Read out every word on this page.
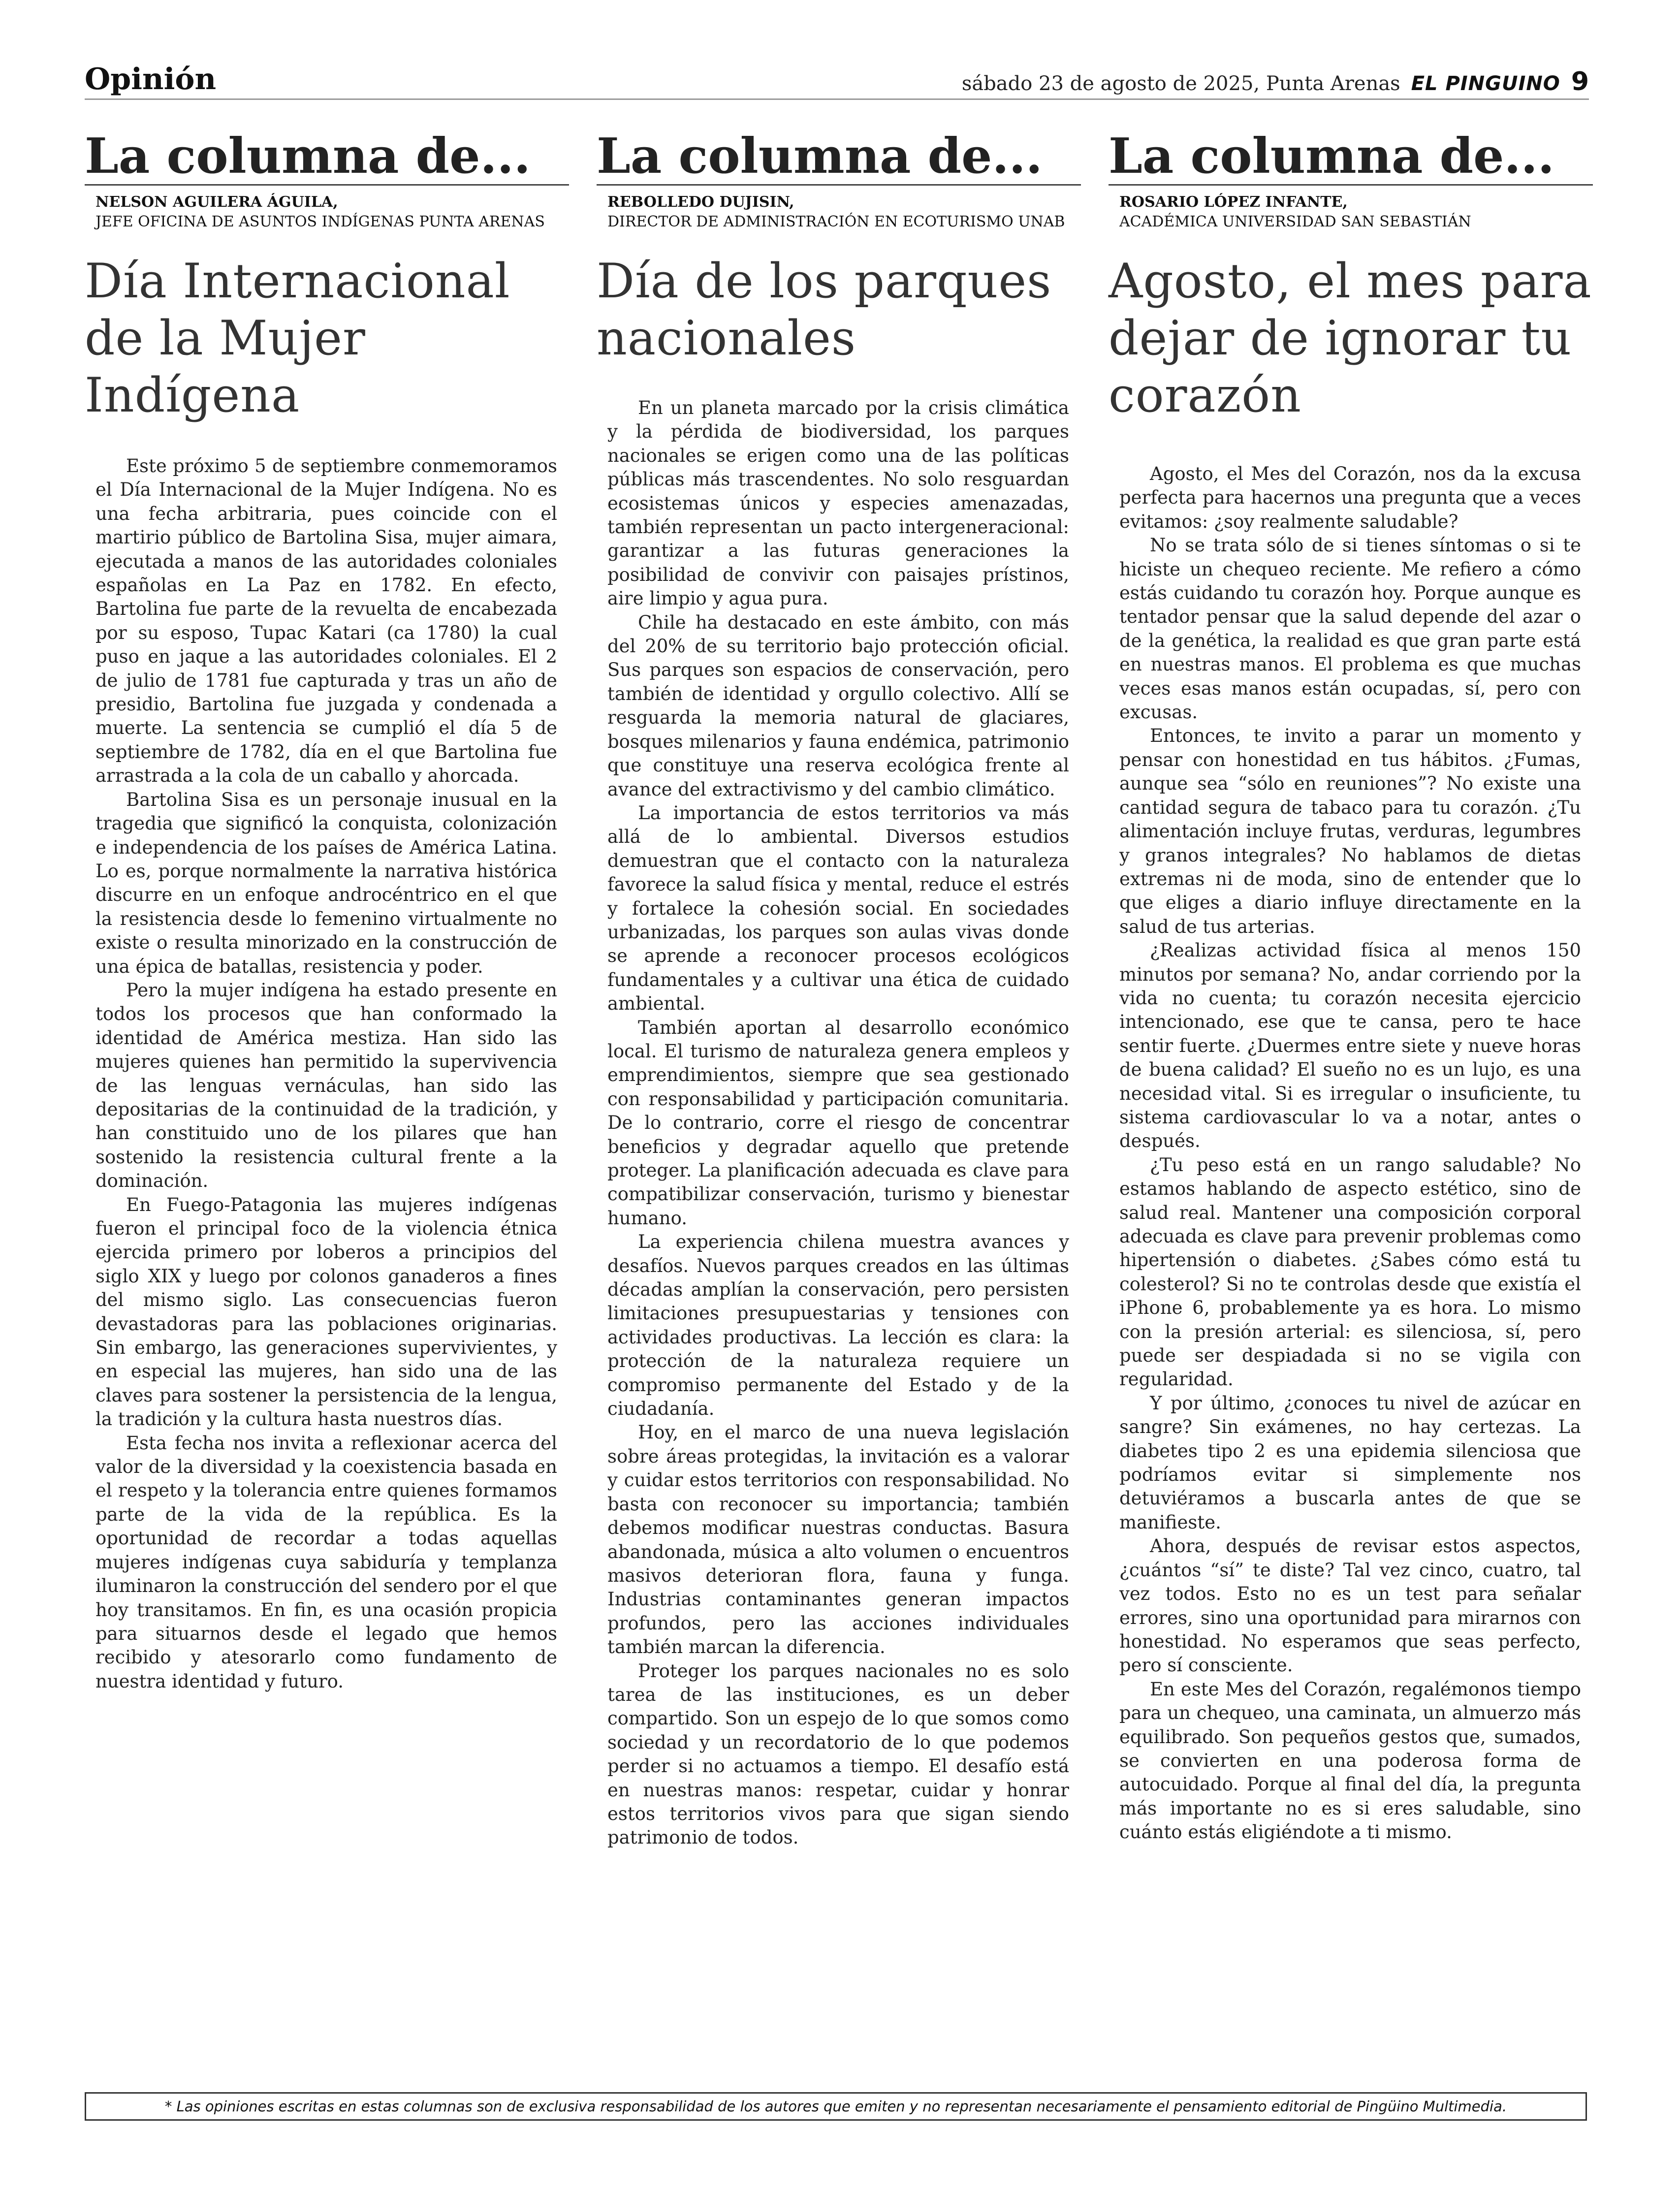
Opinión	sábado 23 de agosto de 2025, Punta Arenas EL PINGUINO 9
La columna de...
NELSON AGUILERA ÁGUILA,
JEFE OFICINA DE ASUNTOS INDÍGENAS PUNTA ARENAS
Día Internacional de la Mujer Indígena

Este próximo 5 de septiembre conmemoramos el Día Internacional de la Mujer Indígena. No es una fecha arbitraria, pues coincide con el martirio público de Bartolina Sisa, mujer aimara, ejecutada a manos de las autoridades coloniales españolas en La Paz en 1782. En efecto, Bartolina fue parte de la revuelta de encabezada por su esposo, Tupac Katari (ca 1780) la cual puso en jaque a las autoridades coloniales. El 2 de julio de 1781 fue capturada y tras un año de presidio, Bartolina fue juzgada y condenada a muerte. La sentencia se cumplió el día 5 de septiembre de 1782, día en el que Bartolina fue arrastrada a la cola de un caballo y ahorcada.

Bartolina Sisa es un personaje inusual en la tragedia que significó la conquista, colonización e independencia de los países de América Latina. Lo es, porque normalmente la narrativa histórica discurre en un enfoque androcéntrico en el que la resistencia desde lo femenino virtualmente no existe o resulta minorizado en la construcción de una épica de batallas, resistencia y poder.

Pero la mujer indígena ha estado presente en todos los procesos que han conformado la identidad de América mestiza. Han sido las mujeres quienes han permitido la supervivencia de las lenguas vernáculas, han sido las depositarias de la continuidad de la tradición, y han constituido uno de los pilares que han sostenido la resistencia cultural frente a la dominación.

En Fuego-Patagonia las mujeres indígenas fueron el principal foco de la violencia étnica ejercida primero por loberos a principios del siglo XIX y luego por colonos ganaderos a fines del mismo siglo. Las consecuencias fueron devastadoras para las poblaciones originarias. Sin embargo, las generaciones supervivientes, y en especial las mujeres, han sido una de las claves para sostener la persistencia de la lengua, la tradición y la cultura hasta nuestros días.

Esta fecha nos invita a reflexionar acerca del valor de la diversidad y la coexistencia basada en el respeto y la tolerancia entre quienes formamos parte de la vida de la república. Es la oportunidad de recordar a todas aquellas mujeres indígenas cuya sabiduría y templanza iluminaron la construcción del sendero por el que hoy transitamos. En fin, es una ocasión propicia para situarnos desde el legado que hemos recibido y atesorarlo como fundamento de nuestra identidad y futuro.

La columna de...
REBOLLEDO DUJISIN,
DIRECTOR DE ADMINISTRACIÓN EN ECOTURISMO UNAB
Día de los parques nacionales

En un planeta marcado por la crisis climática y la pérdida de biodiversidad, los parques nacionales se erigen como una de las políticas públicas más trascendentes. No solo resguardan ecosistemas únicos y especies amenazadas, también representan un pacto intergeneracional: garantizar a las futuras generaciones la posibilidad de convivir con paisajes prístinos, aire limpio y agua pura.

Chile ha destacado en este ámbito, con más del 20% de su territorio bajo protección oficial. Sus parques son espacios de conservación, pero también de identidad y orgullo colectivo. Allí se resguarda la memoria natural de glaciares, bosques milenarios y fauna endémica, patrimonio que constituye una reserva ecológica frente al avance del extractivismo y del cambio climático.

La importancia de estos territorios va más allá de lo ambiental. Diversos estudios demuestran que el contacto con la naturaleza favorece la salud física y mental, reduce el estrés y fortalece la cohesión social. En sociedades urbanizadas, los parques son aulas vivas donde se aprende a reconocer procesos ecológicos fundamentales y a cultivar una ética de cuidado ambiental.

También aportan al desarrollo económico local. El turismo de naturaleza genera empleos y emprendimientos, siempre que sea gestionado con responsabilidad y participación comunitaria. De lo contrario, corre el riesgo de concentrar beneficios y degradar aquello que pretende proteger. La planificación adecuada es clave para compatibilizar conservación, turismo y bienestar humano.

La experiencia chilena muestra avances y desafíos. Nuevos parques creados en las últimas décadas amplían la conservación, pero persisten limitaciones presupuestarias y tensiones con actividades productivas. La lección es clara: la protección de la naturaleza requiere un compromiso permanente del Estado y de la ciudadanía.

Hoy, en el marco de una nueva legislación sobre áreas protegidas, la invitación es a valorar y cuidar estos territorios con responsabilidad. No basta con reconocer su importancia; también debemos modificar nuestras conductas. Basura abandonada, música a alto volumen o encuentros masivos deterioran flora, fauna y funga. Industrias contaminantes generan impactos profundos, pero las acciones individuales también marcan la diferencia.

Proteger los parques nacionales no es solo tarea de las instituciones, es un deber compartido. Son un espejo de lo que somos como sociedad y un recordatorio de lo que podemos perder si no actuamos a tiempo. El desafío está en nuestras manos: respetar, cuidar y honrar estos territorios vivos para que sigan siendo patrimonio de todos.

La columna de...
ROSARIO LÓPEZ INFANTE,
ACADÉMICA UNIVERSIDAD SAN SEBASTIÁN
Agosto, el mes para dejar de ignorar tu corazón

Agosto, el Mes del Corazón, nos da la excusa perfecta para hacernos una pregunta que a veces evitamos: ¿soy realmente saludable?

No se trata sólo de si tienes síntomas o si te hiciste un chequeo reciente. Me refiero a cómo estás cuidando tu corazón hoy. Porque aunque es tentador pensar que la salud depende del azar o de la genética, la realidad es que gran parte está en nuestras manos. El problema es que muchas veces esas manos están ocupadas, sí, pero con excusas.

Entonces, te invito a parar un momento y pensar con honestidad en tus hábitos. ¿Fumas, aunque sea “sólo en reuniones”? No existe una cantidad segura de tabaco para tu corazón. ¿Tu alimentación incluye frutas, verduras, legumbres y granos integrales? No hablamos de dietas extremas ni de moda, sino de entender que lo que eliges a diario influye directamente en la salud de tus arterias.

¿Realizas actividad física al menos 150 minutos por semana? No, andar corriendo por la vida no cuenta; tu corazón necesita ejercicio intencionado, ese que te cansa, pero te hace sentir fuerte. ¿Duermes entre siete y nueve horas de buena calidad? El sueño no es un lujo, es una necesidad vital. Si es irregular o insuficiente, tu sistema cardiovascular lo va a notar, antes o después.

¿Tu peso está en un rango saludable? No estamos hablando de aspecto estético, sino de salud real. Mantener una composición corporal adecuada es clave para prevenir problemas como hipertensión o diabetes. ¿Sabes cómo está tu colesterol? Si no te controlas desde que existía el iPhone 6, probablemente ya es hora. Lo mismo con la presión arterial: es silenciosa, sí, pero puede ser despiadada si no se vigila con regularidad.

Y por último, ¿conoces tu nivel de azúcar en sangre? Sin exámenes, no hay certezas. La diabetes tipo 2 es una epidemia silenciosa que podríamos evitar si simplemente nos detuviéramos a buscarla antes de que se manifieste.

Ahora, después de revisar estos aspectos, ¿cuántos “sí” te diste? Tal vez cinco, cuatro, tal vez todos. Esto no es un test para señalar errores, sino una oportunidad para mirarnos con honestidad. No esperamos que seas perfecto, pero sí consciente.

En este Mes del Corazón, regalémonos tiempo para un chequeo, una caminata, un almuerzo más equilibrado. Son pequeños gestos que, sumados, se convierten en una poderosa forma de autocuidado. Porque al final del día, la pregunta más importante no es si eres saludable, sino cuánto estás eligiéndote a ti mismo.

* Las opiniones escritas en estas columnas son de exclusiva responsabilidad de los autores que emiten y no representan necesariamente el pensamiento editorial de Pingüino Multimedia.
